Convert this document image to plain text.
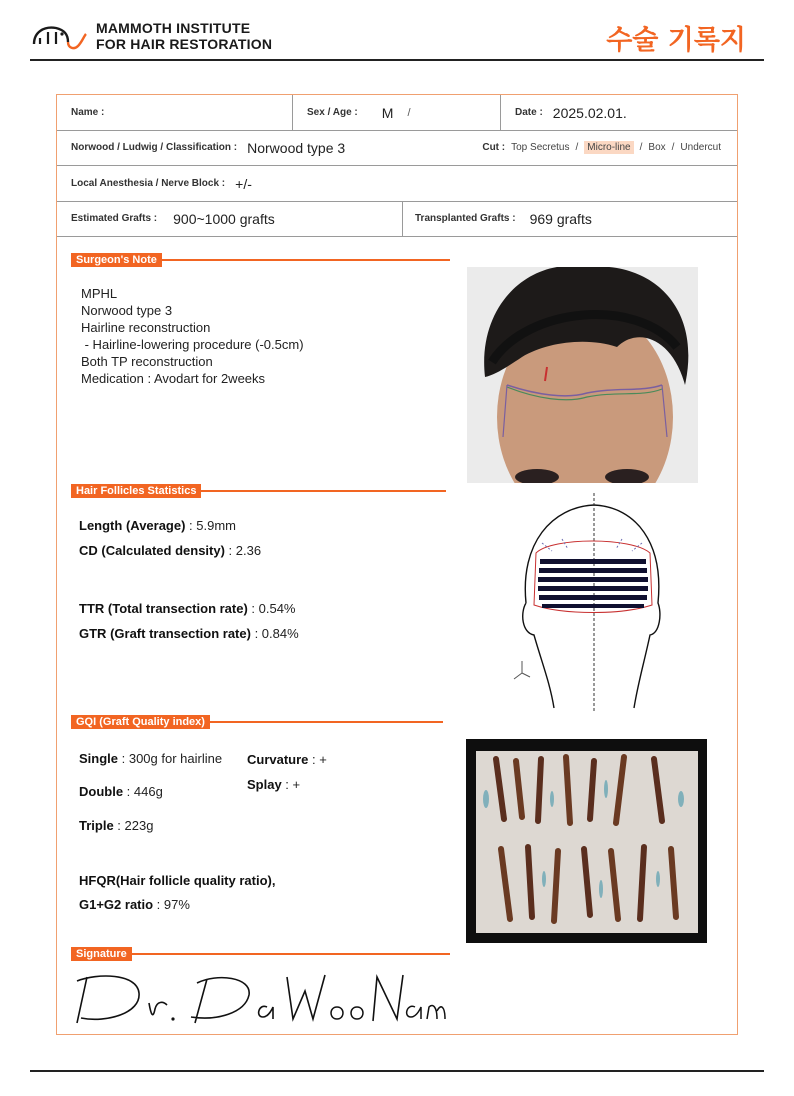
MAMMOTH INSTITUTE
FOR HAIR RESTORATION	수술 기록지
Name :	Sex / Age : M /	Date : 2025.02.01.
Norwood / Ludwig / Classification : Norwood type 3	Cut : Top Secretus / Micro-line / Box / Undercut
Local Anesthesia / Nerve Block : +/-
Estimated Grafts : 900~1000 grafts	Transplanted Grafts : 969 grafts
Surgeon's Note
MPHL
Norwood type 3
Hairline reconstruction
- Hairline-lowering procedure (-0.5cm)
Both TP reconstruction
Medication : Avodart for 2weeks
Hair Follicles Statistics
Length (Average) : 5.9mm
CD (Calculated density) : 2.36
TTR (Total transection rate) : 0.54%
GTR (Graft transection rate) : 0.84%
GQI (Graft Quality index)
Single : 300g for hairline
Double : 446g
Triple : 223g
Curvature : +
Splay : +
HFQR(Hair follicle quality ratio),
G1+G2 ratio : 97%
Signature
